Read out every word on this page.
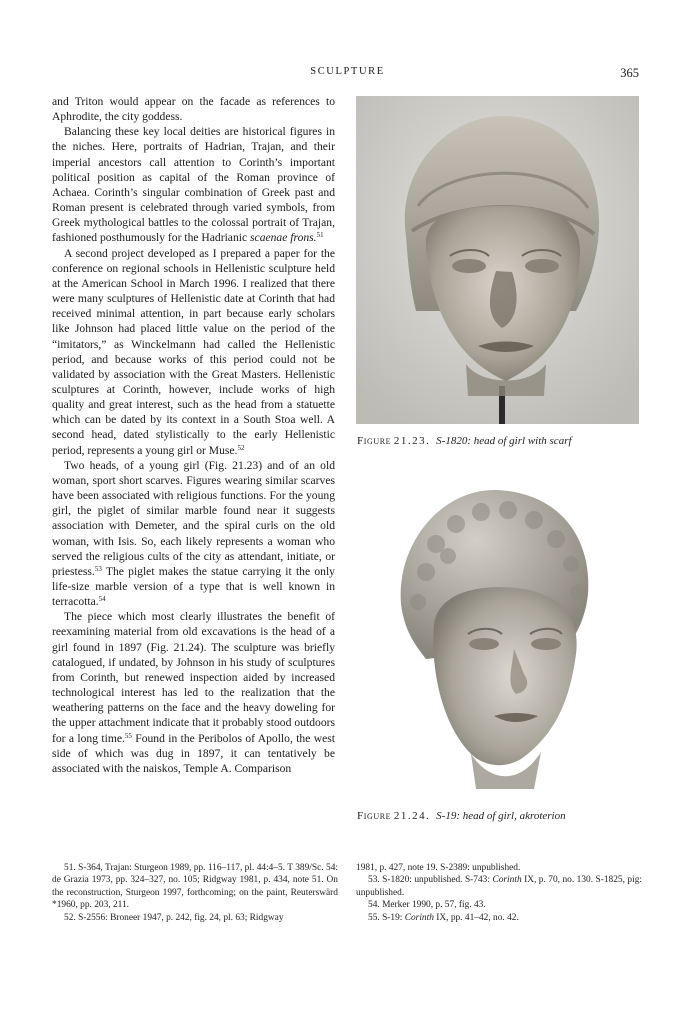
SCULPTURE	365

and Triton would appear on the facade as references to Aphrodite, the city goddess.

Balancing these key local deities are historical figures in the niches. Here, portraits of Hadrian, Trajan, and their imperial ancestors call attention to Corinth’s important political position as capital of the Roman province of Achaea. Corinth’s singular combination of Greek past and Roman present is celebrated through varied symbols, from Greek mythological battles to the colossal portrait of Trajan, fashioned posthumously for the Hadrianic scaenae frons.$^{51}$

A second project developed as I prepared a paper for the conference on regional schools in Hellenistic sculpture held at the American School in March 1996. I realized that there were many sculptures of Hellenistic date at Corinth that had received minimal attention, in part because early scholars like Johnson had placed little value on the period of the “imitators,” as Winckelmann had called the Hellenistic period, and because works of this period could not be validated by association with the Great Masters. Hellenistic sculptures at Corinth, however, include works of high quality and great interest, such as the head from a statuette which can be dated by its context in a South Stoa well. A second head, dated stylistically to the early Hellenistic period, represents a young girl or Muse.$^{52}$

Two heads, of a young girl (Fig. 21.23) and of an old woman, sport short scarves. Figures wearing similar scarves have been associated with religious functions. For the young girl, the piglet of similar marble found near it suggests association with Demeter, and the spiral curls on the old woman, with Isis. So, each likely represents a woman who served the religious cults of the city as attendant, initiate, or priestess.$^{53}$ The piglet makes the statue carrying it the only life-size marble version of a type that is well known in terracotta.$^{54}$

The piece which most clearly illustrates the benefit of reexamining material from old excavations is the head of a girl found in 1897 (Fig. 21.24). The sculpture was briefly catalogued, if undated, by Johnson in his study of sculptures from Corinth, but renewed inspection aided by increased technological interest has led to the realization that the weathering patterns on the face and the heavy doweling for the upper attachment indicate that it probably stood outdoors for a long time.$^{55}$ Found in the Peribolos of Apollo, the west side of which was dug in 1897, it can tentatively be associated with the naiskos, Temple A. Comparison

Figure 21.23. S-1820: head of girl with scarf
Figure 21.24. S-19: head of girl, akroterion

51. S-364, Trajan: Sturgeon 1989, pp. 116–117, pl. 44:4–5. T 389/Sc. 54: de Grazia 1973, pp. 324–327, no. 105; Ridgway 1981, p. 434, note 51. On the reconstruction, Sturgeon 1997, forthcoming; on the paint, Reuterswärd *1960, pp. 203, 211.

52. S-2556: Broneer 1947, p. 242, fig. 24, pl. 63; Ridgway

1981, p. 427, note 19. S-2389: unpublished.

53. S-1820: unpublished. S-743: Corinth IX, p. 70, no. 130. S-1825, pig: unpublished.

54. Merker 1990, p. 57, fig. 43.

55. S-19: Corinth IX, pp. 41–42, no. 42.
